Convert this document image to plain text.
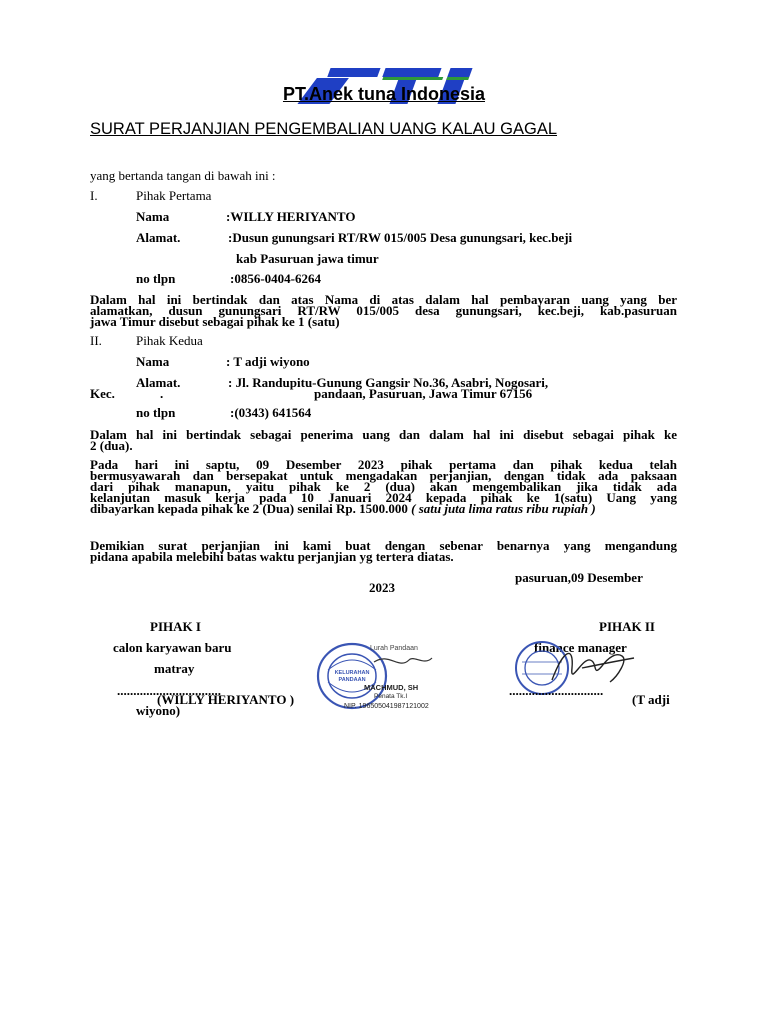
PT.Anek tuna Indonesia
SURAT PERJANJIAN PENGEMBALIAN UANG KALAU GAGAL
yang bertanda tangan di bawah ini :
I.	Pihak Pertama
Nama	:WILLY HERIYANTO
Alamat.	:Dusun gunungsari RT/RW 015/005 Desa gunungsari, kec.beji
kab Pasuruan jawa timur
no tlpn	:0856-0404-6264
Dalam hal ini bertindak dan atas Nama di atas dalam hal pembayaran uang yang ber
alamatkan, dusun gunungsari RT/RW 015/005 desa gunungsari, kec.beji, kab.pasuruan
jawa Timur disebut sebagai pihak ke 1 (satu)
II.	Pihak Kedua
Nama	: T adji wiyono
Alamat.	: Jl. Randupitu-Gunung Gangsir No.36, Asabri, Nogosari,
Kec.	.	pandaan, Pasuruan, Jawa Timur 67156
no tlpn	:(0343) 641564
Dalam hal ini bertindak sebagai penerima uang dan dalam hal ini disebut sebagai pihak ke
2 (dua).
Pada hari ini saptu, 09 Desember 2023 pihak pertama dan pihak kedua telah
bermusyawarah dan bersepakat untuk mengadakan perjanjian, dengan tidak ada paksaan
dari pihak manapun, yaitu pihak ke 2 (dua) akan mengembalikan jika tidak ada
kelanjutan masuk kerja pada 10 Januari 2024 kepada pihak ke 1(satu) Uang yang
dibayarkan kepada pihak ke 2 (Dua) senilai Rp. 1500.000 ( satu juta lima ratus ribu rupiah )
Demikian surat perjanjian ini kami buat dengan sebenar benarnya yang mengandung
pidana apabila melebihi batas waktu perjanjian yg tertera diatas.
pasuruan,09 Desember
2023
PIHAK I	PIHAK II
calon karyawan baru	finance manager
matray	KELURAHAN
PANDAAN
Lurah Pandaan
MACHMUD, SH
Penata Tk.I
NIP. 196505041987121002
................................	.............................
(WILLY HERIYANTO )	(T adji
wiyono)
